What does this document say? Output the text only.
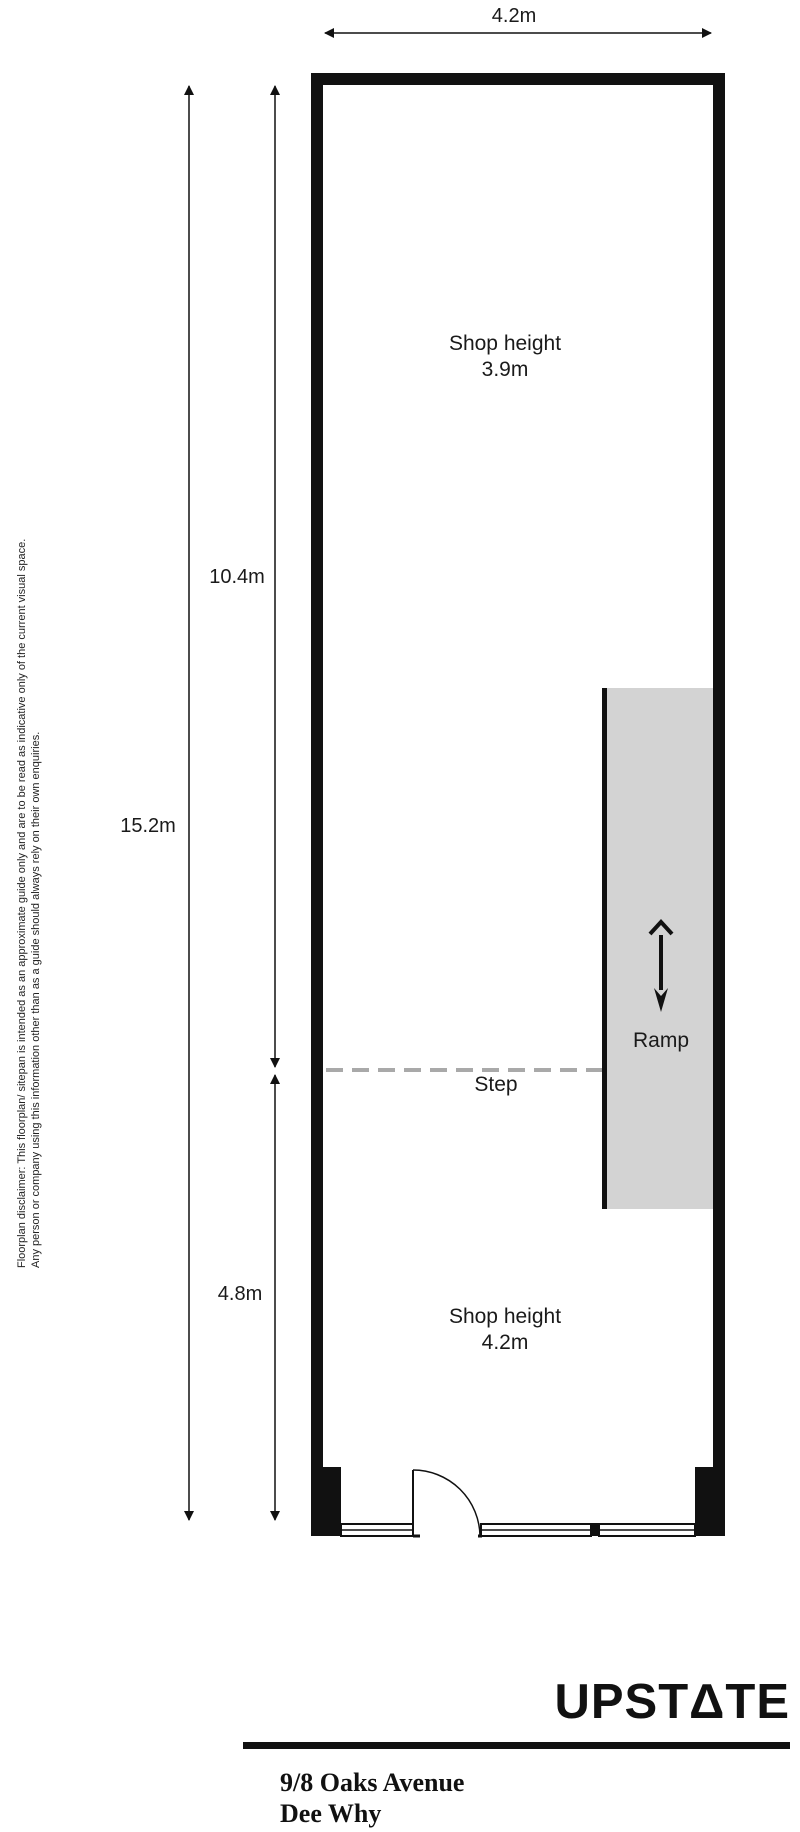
Ramp
Step
Shop height
3.9m
Shop height
4.2m
4.2m
15.2m
10.4m
4.8m
Floorplan disclaimer: This floorplan/ sitepan is intended as an approximate guide only and are to be read as indicative only of the current visual space. Any person or company using this information other than as a guide should always rely on their own enquiries.
UPSTΔTE
9/8 Oaks Avenue
Dee Why
